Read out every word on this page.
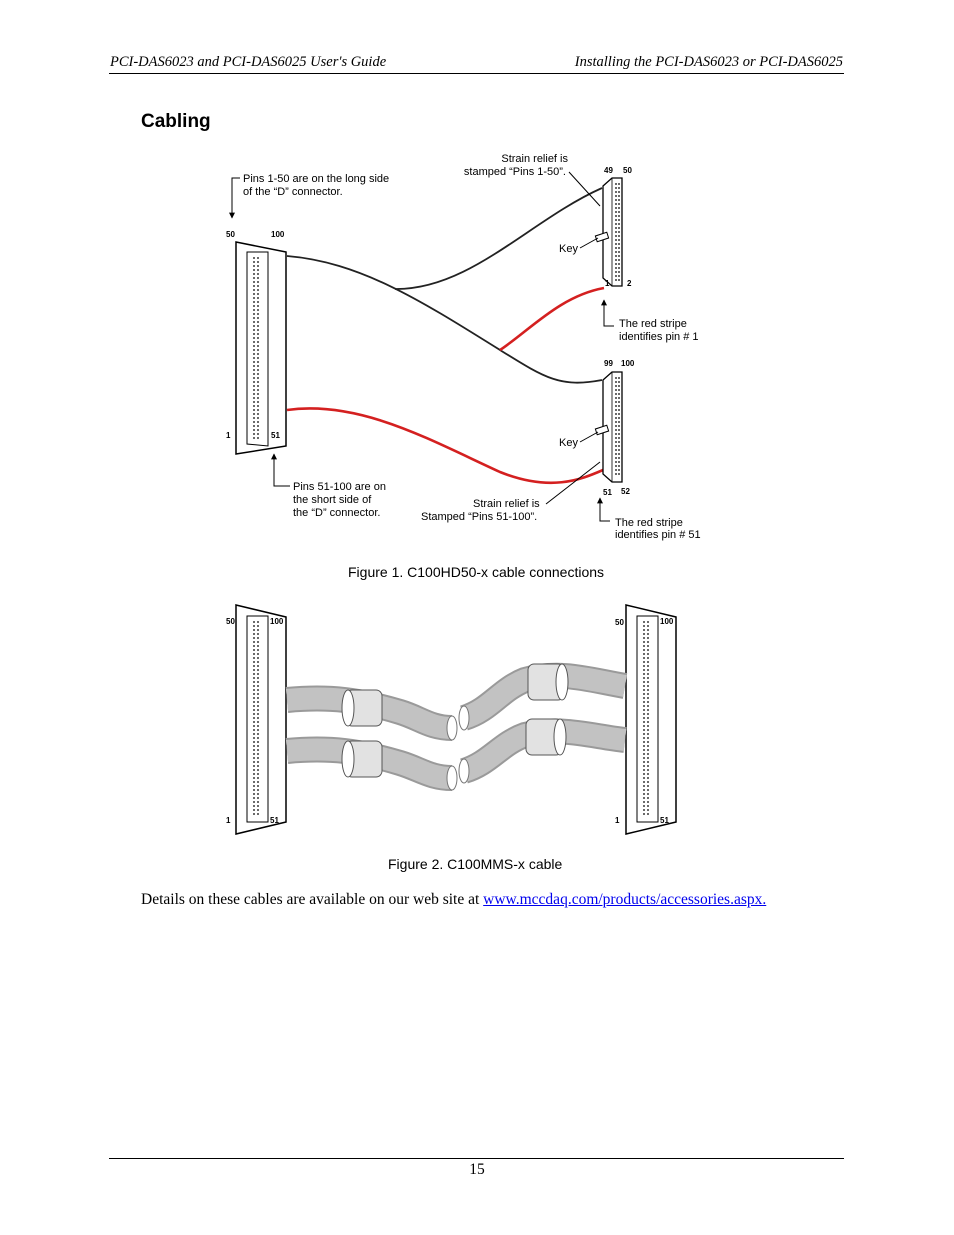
PCI-DAS6023 and PCI-DAS6025 User's Guide	Installing the PCI-DAS6023 or PCI-DAS6025
Cabling
50	100
1	51
Pins 1-50 are on the long side
of the “D” connector.
Pins 51-100 are on
the short side of
the “D” connector.
49 50
1 2
99 100
51 52
Strain relief is
stamped “Pins 1-50”.
Key
The red stripe
identifies pin # 1
Key
Strain relief is
Stamped “Pins 51-100”.	The red stripe
identifies pin # 51
50	100
1	51
50	100
1	51
Figure 1. C100HD50-x cable connections
Figure 2. C100MMS-x cable
Details on these cables are available on our web site at www.mccdaq.com/products/accessories.aspx.
15
